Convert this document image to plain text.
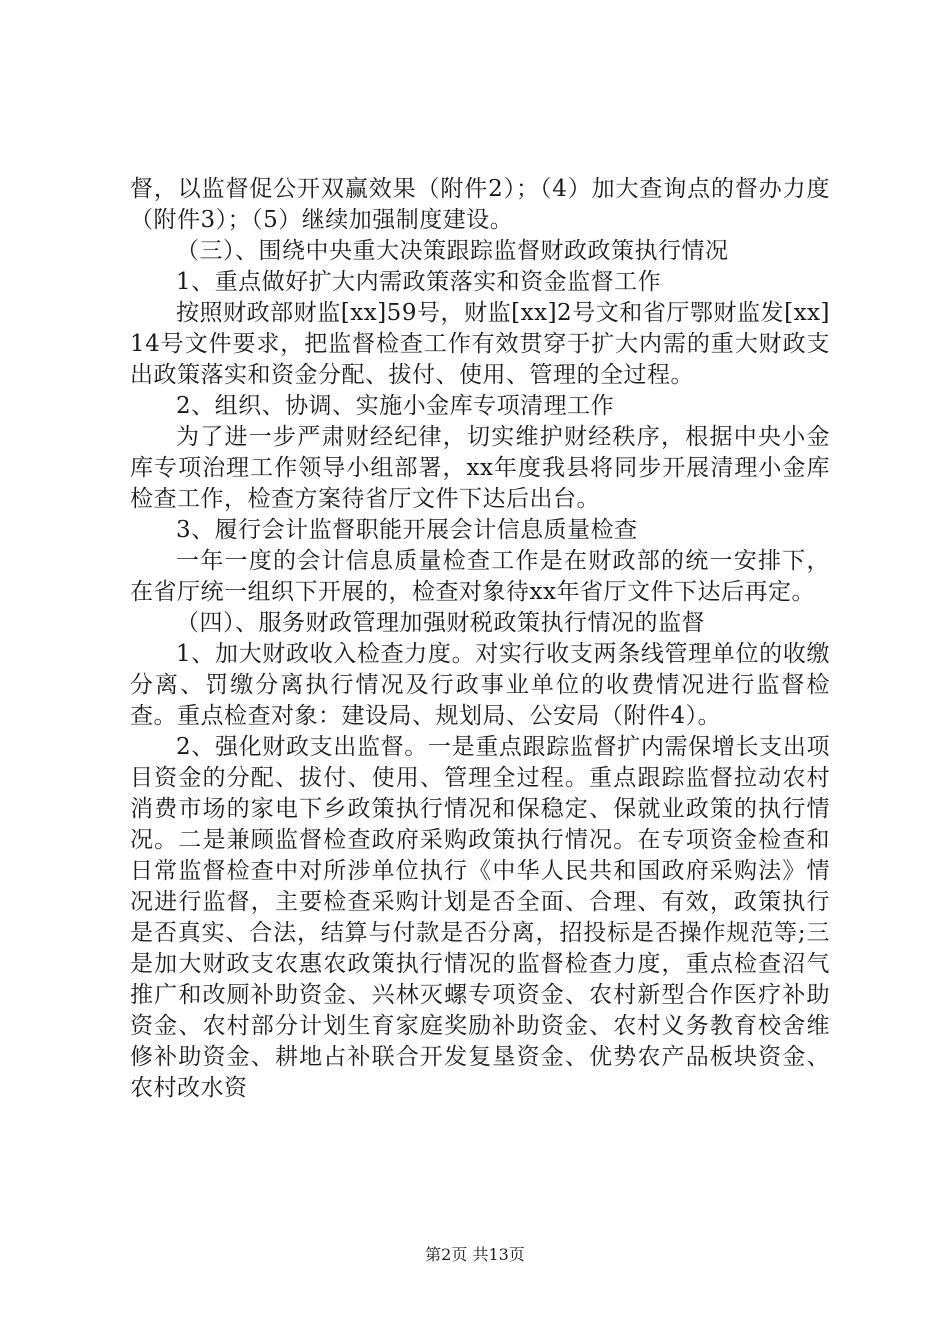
督，以监督促公开双赢效果（附件2）；（4）加大查询点的督办力度（附件3）；（5）继续加强制度建设。

（三）、围绕中央重大决策跟踪监督财政政策执行情况

1、重点做好扩大内需政策落实和资金监督工作

按照财政部财监[xx]59号，财监[xx]2号文和省厅鄂财监发[xx]14号文件要求，把监督检查工作有效贯穿于扩大内需的重大财政支出政策落实和资金分配、拔付、使用、管理的全过程。

2、组织、协调、实施小金库专项清理工作

为了进一步严肃财经纪律，切实维护财经秩序，根据中央小金库专项治理工作领导小组部署，xx年度我县将同步开展清理小金库检查工作，检查方案待省厅文件下达后出台。

3、履行会计监督职能开展会计信息质量检查

一年一度的会计信息质量检查工作是在财政部的统一安排下，在省厅统一组织下开展的，检查对象待xx年省厅文件下达后再定。

（四）、服务财政管理加强财税政策执行情况的监督

1、加大财政收入检查力度。对实行收支两条线管理单位的收缴分离、罚缴分离执行情况及行政事业单位的收费情况进行监督检查。重点检查对象：建设局、规划局、公安局（附件4）。

2、强化财政支出监督。一是重点跟踪监督扩内需保增长支出项目资金的分配、拔付、使用、管理全过程。重点跟踪监督拉动农村消费市场的家电下乡政策执行情况和保稳定、保就业政策的执行情况。二是兼顾监督检查政府采购政策执行情况。在专项资金检查和日常监督检查中对所涉单位执行《中华人民共和国政府采购法》情况进行监督，主要检查采购计划是否全面、合理、有效，政策执行是否真实、合法，结算与付款是否分离，招投标是否操作规范等;三是加大财政支农惠农政策执行情况的监督检查力度，重点检查沼气推广和改厕补助资金、兴林灭螺专项资金、农村新型合作医疗补助资金、农村部分计划生育家庭奖励补助资金、农村义务教育校舍维修补助资金、耕地占补联合开发复垦资金、优势农产品板块资金、农村改水资

第2页 共13页
